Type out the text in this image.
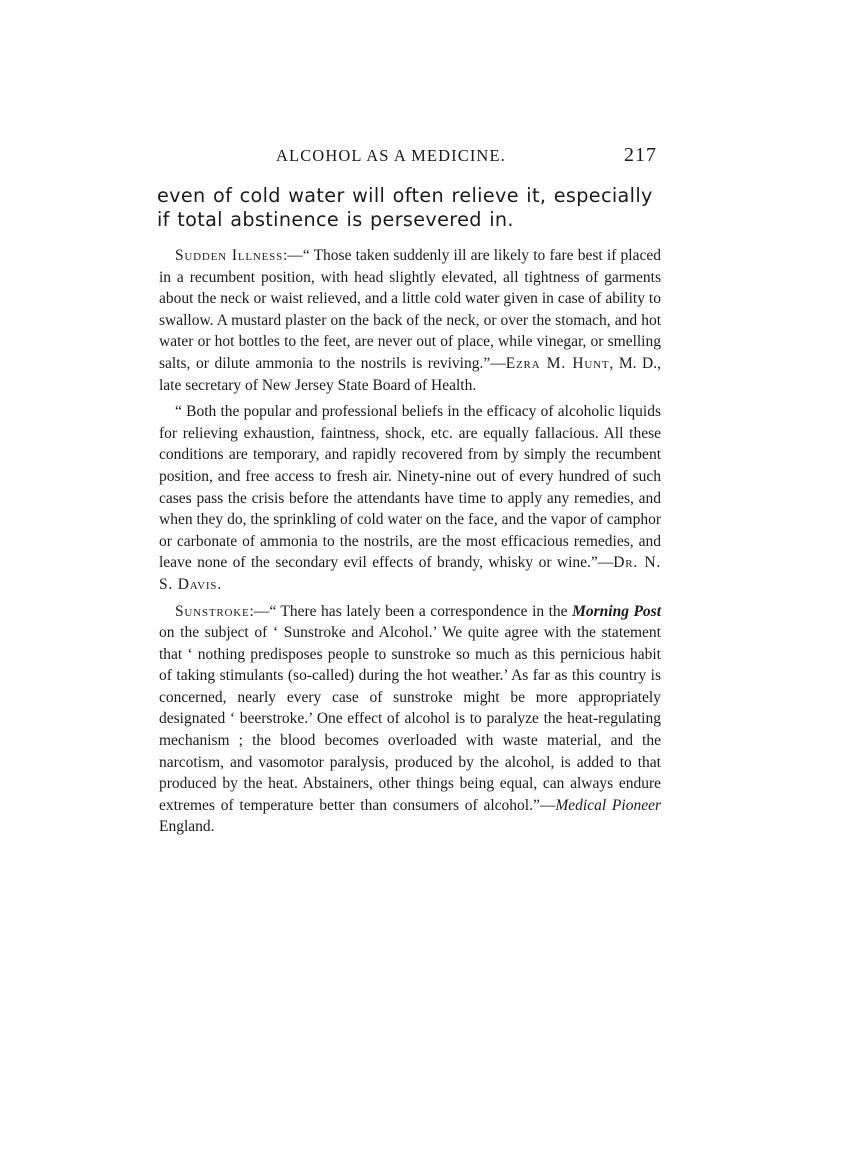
ALCOHOL AS A MEDICINE.	217
even of cold water will often relieve it, especially if total abstinence is persevered in.

Sudden Illness:—“ Those taken suddenly ill are likely to fare best if placed in a recumbent position, with head slightly elevated, all tightness of garments about the neck or waist relieved, and a little cold water given in case of ability to swallow. A mustard plaster on the back of the neck, or over the stomach, and hot water or hot bottles to the feet, are never out of place, while vinegar, or smelling salts, or dilute ammonia to the nostrils is reviving.”—Ezra M. Hunt, M. D., late secretary of New Jersey State Board of Health.

“ Both the popular and professional beliefs in the efficacy of alcoholic liquids for relieving exhaustion, faintness, shock, etc. are equally fallacious. All these conditions are temporary, and rapidly recovered from by simply the recumbent position, and free access to fresh air. Ninety-nine out of every hundred of such cases pass the crisis before the attendants have time to apply any remedies, and when they do, the sprinkling of cold water on the face, and the vapor of camphor or carbonate of ammonia to the nostrils, are the most efficacious remedies, and leave none of the secondary evil effects of brandy, whisky or wine.”—Dr. N. S. Davis.

Sunstroke:—“ There has lately been a correspondence in the Morning Post on the subject of ‘ Sunstroke and Alcohol.’ We quite agree with the statement that ‘ nothing predisposes people to sunstroke so much as this pernicious habit of taking stimulants (so-called) during the hot weather.’ As far as this country is concerned, nearly every case of sunstroke might be more appropriately designated ‘ beerstroke.’ One effect of alcohol is to paralyze the heat-regulating mechanism ; the blood becomes overloaded with waste material, and the narcotism, and vasomotor paralysis, produced by the alcohol, is added to that produced by the heat. Abstainers, other things being equal, can always endure extremes of temperature better than consumers of alcohol.”—Medical Pioneer England.
